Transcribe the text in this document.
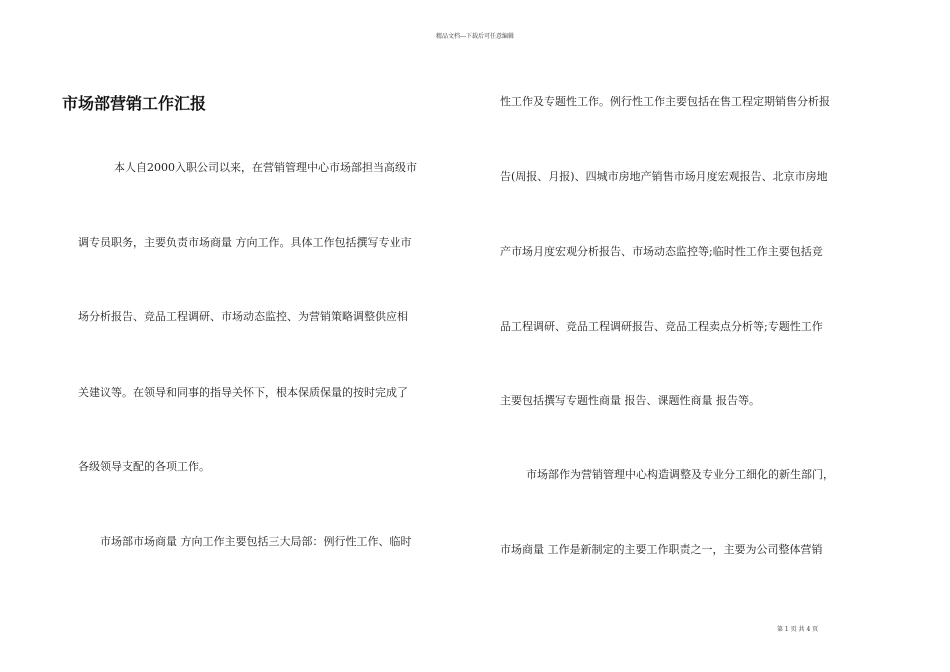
精品文档---下载后可任意编辑
市场部营销工作汇报
本人自2000入职公司以来，在营销管理中心市场部担当高级市
调专员职务，主要负责市场商量 方向工作。具体工作包括撰写专业市
场分析报告、竞品工程调研、市场动态监控、为营销策略调整供应相
关建议等。在领导和同事的指导关怀下，根本保质保量的按时完成了
各级领导支配的各项工作。
市场部市场商量 方向工作主要包括三大局部：例行性工作、临时
性工作及专题性工作。例行性工作主要包括在售工程定期销售分析报
告(周报、月报)、四城市房地产销售市场月度宏观报告、北京市房地
产市场月度宏观分析报告、市场动态监控等;临时性工作主要包括竞
品工程调研、竞品工程调研报告、竞品工程卖点分析等;专题性工作
主要包括撰写专题性商量 报告、课题性商量 报告等。
市场部作为营销管理中心构造调整及专业分工细化的新生部门，
市场商量 工作是新制定的主要工作职责之一，主要为公司整体营销
第 1 页 共 4 页
